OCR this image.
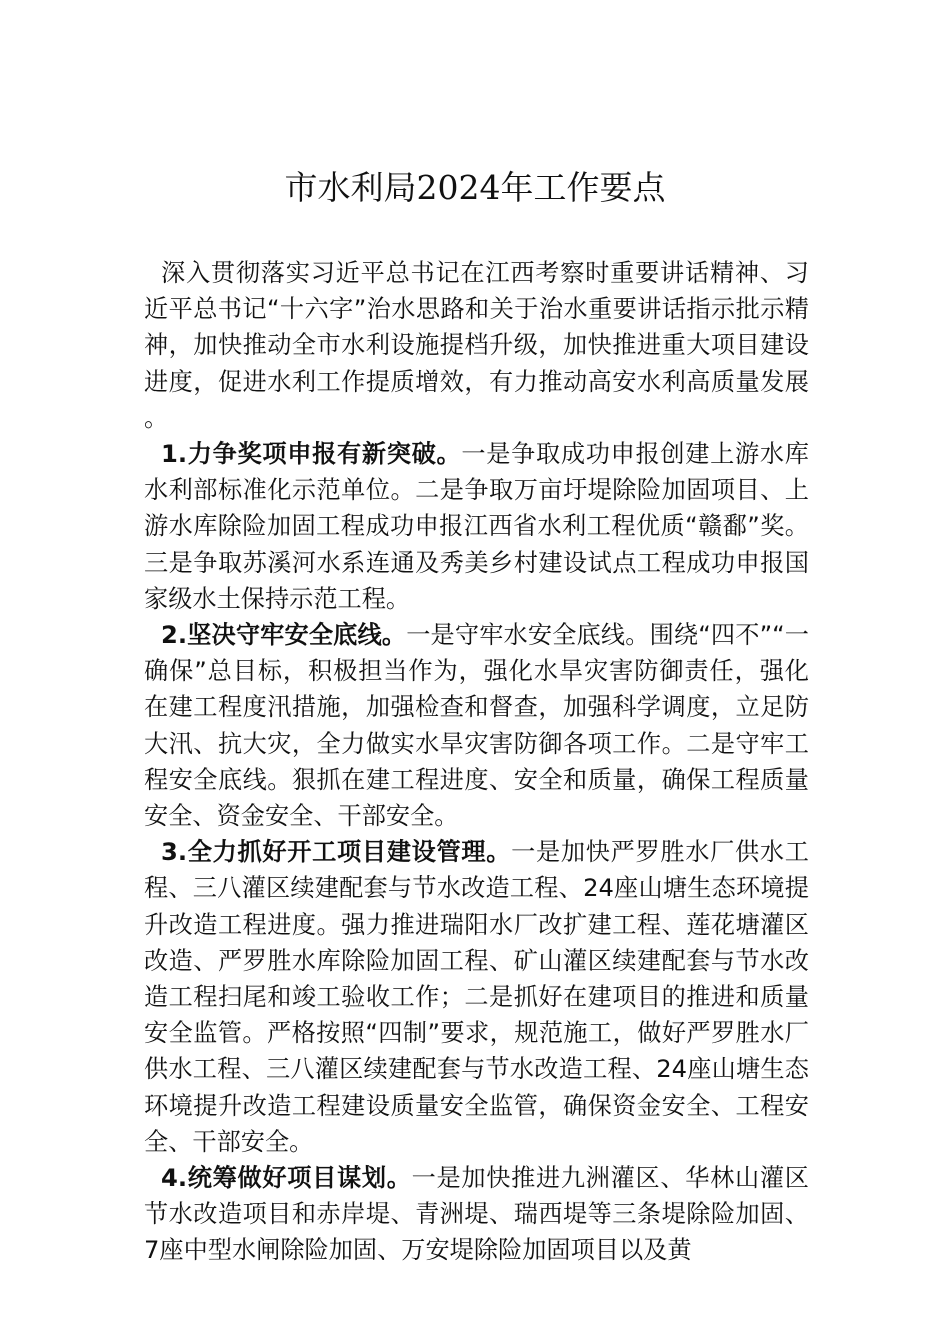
市水利局2024年工作要点

深入贯彻落实习近平总书记在江西考察时重要讲话精神、习近平总书记“十六字”治水思路和关于治水重要讲话指示批示精神，加快推动全市水利设施提档升级，加快推进重大项目建设进度，促进水利工作提质增效，有力推动高安水利高质量发展。

1.力争奖项申报有新突破。一是争取成功申报创建上游水库水利部标准化示范单位。二是争取万亩圩堤除险加固项目、上游水库除险加固工程成功申报江西省水利工程优质“赣鄱”奖。三是争取苏溪河水系连通及秀美乡村建设试点工程成功申报国家级水土保持示范工程。

2.坚决守牢安全底线。一是守牢水安全底线。围绕“四不”“一确保”总目标，积极担当作为，强化水旱灾害防御责任，强化在建工程度汛措施，加强检查和督查，加强科学调度，立足防大汛、抗大灾，全力做实水旱灾害防御各项工作。二是守牢工程安全底线。狠抓在建工程进度、安全和质量，确保工程质量安全、资金安全、干部安全。

3.全力抓好开工项目建设管理。一是加快严罗胜水厂供水工程、三八灌区续建配套与节水改造工程、24座山塘生态环境提升改造工程进度。强力推进瑞阳水厂改扩建工程、莲花塘灌区改造、严罗胜水库除险加固工程、矿山灌区续建配套与节水改造工程扫尾和竣工验收工作；二是抓好在建项目的推进和质量安全监管。严格按照“四制”要求，规范施工，做好严罗胜水厂供水工程、三八灌区续建配套与节水改造工程、24座山塘生态环境提升改造工程建设质量安全监管，确保资金安全、工程安全、干部安全。

4.统筹做好项目谋划。一是加快推进九洲灌区、华林山灌区节水改造项目和赤岸堤、青洲堤、瑞西堤等三条堤除险加固、7座中型水闸除险加固、万安堤除险加固项目以及黄
